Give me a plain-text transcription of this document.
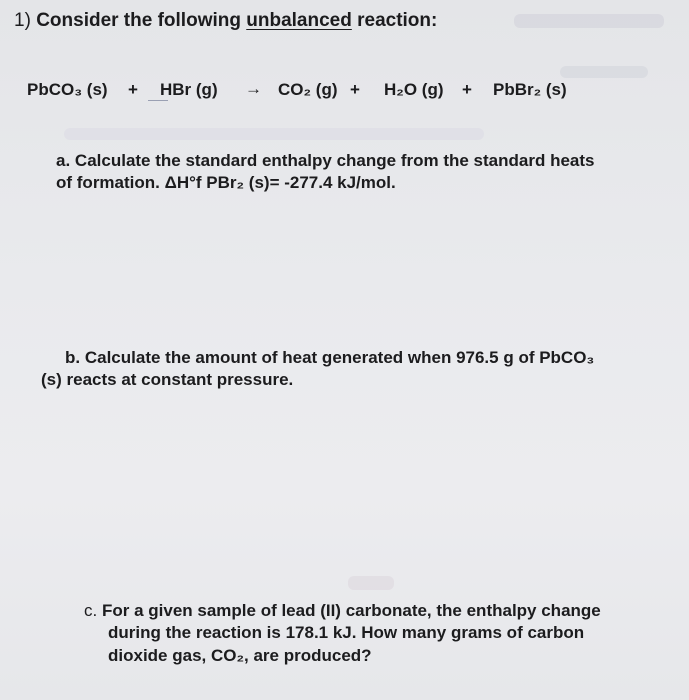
1) Consider the following unbalanced reaction:
PbCO₃ (s) + HBr (g) → CO₂ (g) + H₂O (g) + PbBr₂ (s)
a. Calculate the standard enthalpy change from the standard heats
of formation. ΔH°f PBr₂ (s)= -277.4 kJ/mol.
b. Calculate the amount of heat generated when 976.5 g of PbCO₃
(s) reacts at constant pressure.
c. For a given sample of lead (II) carbonate, the enthalpy change
during the reaction is 178.1 kJ. How many grams of carbon
dioxide gas, CO₂, are produced?
